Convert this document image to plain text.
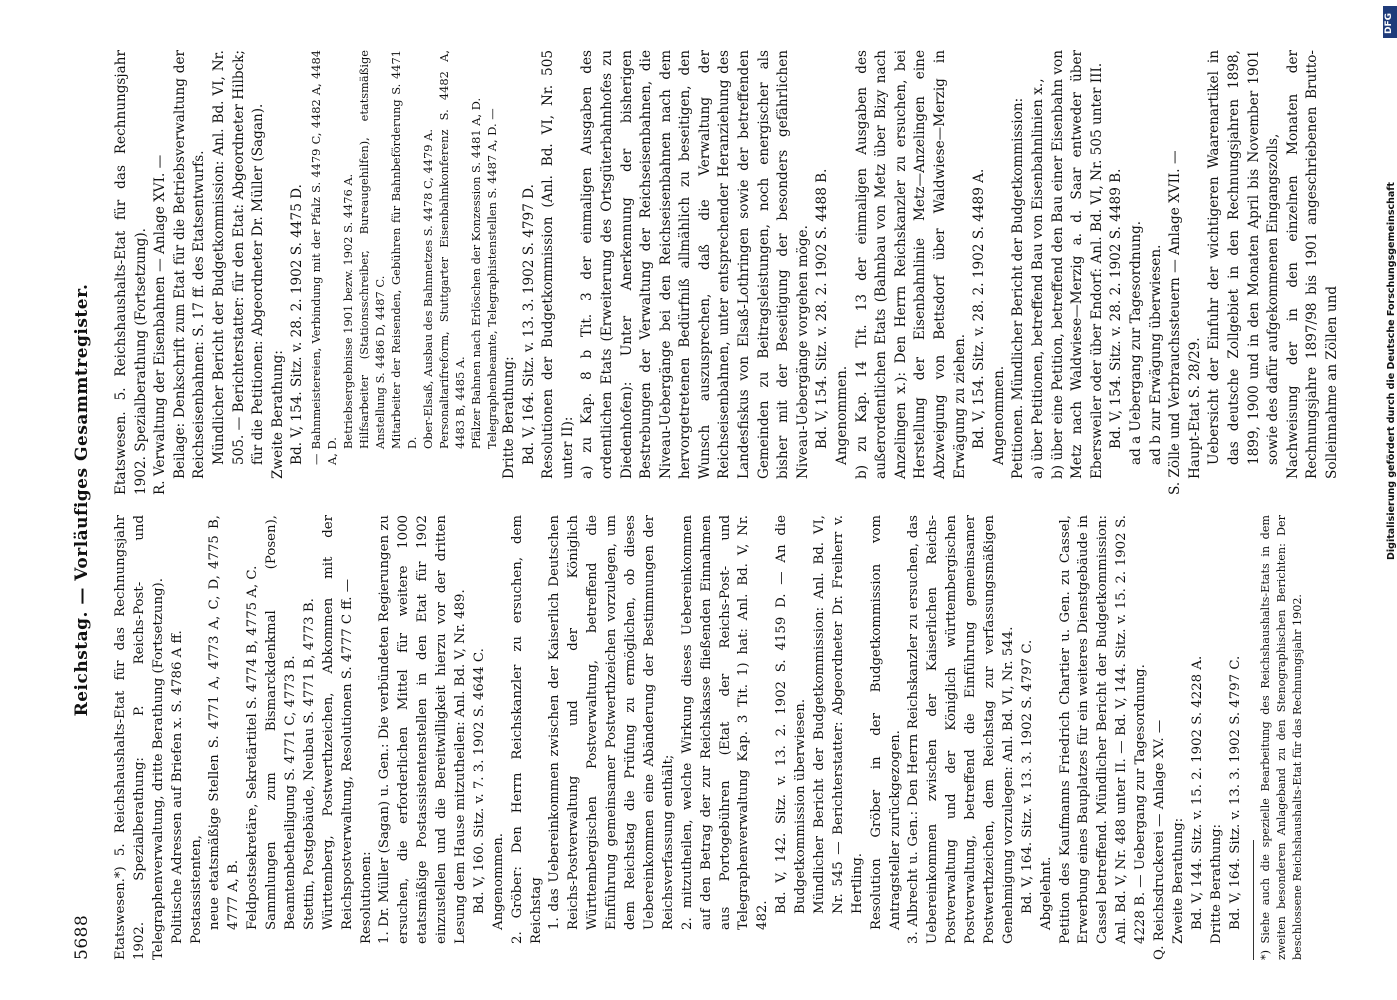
5688
Reichstag. — Vorläufiges Gesammtregister.

Etatswesen.*) 5. Reichshaushalts-Etat für das Rechnungsjahr 1902. Spezialberathung: P. Reichs-Post- und Telegraphenverwaltung, dritte Berathung (Fortsetzung). Politische Adressen auf Briefen x. S. 4786 A ff. Postassistenten, neue etatsmäßige Stellen S. 4771 A, 4773 A, C, D, 4775 B, 4777 A, B. Feldpostsekretäre, Sekretärtitel S. 4774 B, 4775 A, C. Sammlungen zum Bismarckdenkmal (Posen), Beamtenbetheiligung S. 4771 C, 4773 B. Stettin, Postgebäude, Neubau S. 4771 B, 4773 B. Württemberg, Postwerthzeichen, Abkommen mit der Reichspostverwaltung, Resolutionen S. 4777 C ff. — Resolutionen: 1. Dr. Müller (Sagan) u. Gen.: Die verbündeten Regierungen zu ersuchen, die erforderlichen Mittel für weitere 1000 etatsmäßige Postassistentenstellen in den Etat für 1902 einzustellen und die Bereitwilligkeit hierzu vor der dritten Lesung dem Hause mitzutheilen: Anl. Bd. V, Nr. 489. Bd. V, 160. Sitz. v. 7. 3. 1902 S. 4644 C. Angenommen. 2. Gröber: Den Herrn Reichskanzler zu ersuchen, dem Reichstag 1. das Uebereinkommen zwischen der Kaiserlich Deutschen Reichs-Postverwaltung und der Königlich Württembergischen Postverwaltung, betreffend die Einführung gemeinsamer Postwerthzeichen vorzulegen, um dem Reichstag die Prüfung zu ermöglichen, ob dieses Uebereinkommen eine Abänderung der Bestimmungen der Reichsverfassung enthält; 2. mitzutheilen, welche Wirkung dieses Uebereinkommen auf den Betrag der zur Reichskasse fließenden Einnahmen aus Portogebühren (Etat der Reichs-Post- und Telegraphenverwaltung Kap. 3 Tit. 1) hat: Anl. Bd. V, Nr. 482.

Bd. V, 142. Sitz. v. 13. 2. 1902 S. 4159 D. — An die Budgetkommission überwiesen. Mündlicher Bericht der Budgetkommission: Anl. Bd. VI, Nr. 545 — Berichterstatter: Abgeordneter Dr. Freiherr v. Hertling. Resolution Gröber in der Budgetkommission vom Antragsteller zurückgezogen. 3. Albrecht u. Gen.: Den Herrn Reichskanzler zu ersuchen, das Uebereinkommen zwischen der Kaiserlichen Reichs-Postverwaltung und der Königlich württembergischen Postverwaltung, betreffend die Einführung gemeinsamer Postwerthzeichen, dem Reichstag zur verfassungsmäßigen Genehmigung vorzulegen: Anl. Bd. VI, Nr. 544. Bd. V, 164. Sitz. v. 13. 3. 1902 S. 4797 C. Abgelehnt. Petition des Kaufmanns Friedrich Chartier u. Gen. zu Cassel, Erwerbung eines Bauplatzes für ein weiteres Dienstgebäude in Cassel betreffend. Mündlicher Bericht der Budgetkommission: Anl. Bd. V, Nr. 488 unter II. — Bd. V, 144. Sitz. v. 15. 2. 1902 S. 4228 B. — Uebergang zur Tagesordnung. Q. Reichsdruckerei — Anlage XV. — Zweite Berathung: Bd. V, 144. Sitz. v. 15. 2. 1902 S. 4228 A. Dritte Berathung: Bd. V, 164. Sitz. v. 13. 3. 1902 S. 4797 C. *) Siehe auch die spezielle Bearbeitung des Reichshaushalts-Etats in dem zweiten besonderen Anlageband zu den Stenographischen Berichten: Der beschlossene Reichshaushalts-Etat für das Rechnungsjahr 1902.

Etatswesen. 5. Reichshaushalts-Etat für das Rechnungsjahr 1902. Spezialberathung (Fortsetzung). R. Verwaltung der Eisenbahnen — Anlage XVI. — Beilage: Denkschrift zum Etat für die Betriebsverwaltung der Reichseisenbahnen: S. 17 ff. des Etatsentwurfs. Mündlicher Bericht der Budgetkommission: Anl. Bd. VI, Nr. 505. — Berichterstatter: für den Etat: Abgeordneter Hilbck; für die Petitionen: Abgeordneter Dr. Müller (Sagan). Zweite Berathung: Bd. V, 154. Sitz. v. 28. 2. 1902 S. 4475 D. — Bahnmeistereien, Verbindung mit der Pfalz S. 4479 C, 4482 A, 4484 A, D.

Betriebsergebnisse 1901 bezw. 1902 S. 4476 A. Hilfsarbeiter (Stationsschreiber, Bureaugehilfen), etatsmäßige Anstellung S. 4486 D, 4487 C. Mitarbeiter der Reisenden, Gebühren für Bahnbeförderung S. 4471 D. Ober-Elsaß, Ausbau des Bahnnetzes S. 4478 C, 4479 A. Personaltarifreform, Stuttgarter Eisenbahnkonferenz S. 4482 A, 4483 B, 4485 A. Pfälzer Bahnen nach Erlöschen der Konzession S. 4481 A, D. Telegraphenbeamte, Telegraphistenstellen S. 4487 A, D. — Dritte Berathung: Bd. V, 164. Sitz. v. 13. 3. 1902 S. 4797 D. Resolutionen der Budgetkommission (Anl. Bd. VI, Nr. 505 unter II): a) zu Kap. 8 b Tit. 3 der einmaligen Ausgaben des ordentlichen Etats (Erweiterung des Ortsgüterbahnhofes zu Diedenhofen): Unter Anerkennung der bisherigen Bestrebungen der Verwaltung der Reichseisenbahnen, die Niveau-Uebergänge bei den Reichseisenbahnen nach dem hervorgetretenen Bedürfniß allmählich zu beseitigen, den Wunsch auszusprechen, daß die Verwaltung der Reichseisenbahnen, unter entsprechender Heranziehung des Landesfiskus von Elsaß-Lothringen sowie der betreffenden Gemeinden zu Beitragsleistungen, noch energischer als bisher mit der Beseitigung der besonders gefährlichen Niveau-Uebergänge vorgehen möge. Bd. V, 154. Sitz. v. 28. 2. 1902 S. 4488 B. Angenommen. b) zu Kap. 14 Tit. 13 der einmaligen Ausgaben des außerordentlichen Etats (Bahnbau von Metz über Bizy nach Anzelingen x.): Den Herrn Reichskanzler zu ersuchen, bei Herstellung der Eisenbahnlinie Metz—Anzelingen eine Abzweigung von Bettsdorf über Waldwiese—Merzig in Erwägung zu ziehen. Bd. V, 154. Sitz. v. 28. 2. 1902 S. 4489 A. Angenommen. Petitionen. Mündlicher Bericht der Budgetkommission: a) über Petitionen, betreffend Bau von Eisenbahnlinien x., b) über eine Petition, betreffend den Bau einer Eisenbahn von Metz nach Waldwiese—Merzig a. d. Saar entweder über Ebersweiler oder über Endorf: Anl. Bd. VI, Nr. 505 unter III. Bd. V, 154. Sitz. v. 28. 2. 1902 S. 4489 B. ad a Uebergang zur Tagesordnung. ad b zur Erwägung überwiesen. S. Zölle und Verbrauchssteuern — Anlage XVII. — Haupt-Etat S. 28/29. Uebersicht der Einfuhr der wichtigeren Waarenartikel in das deutsche Zollgebiet in den Rechnungsjahren 1898, 1899, 1900 und in den Monaten April bis November 1901 sowie des dafür aufgekommenen Eingangszolls, Nachweisung der in den einzelnen Monaten der Rechnungsjahre 1897/98 bis 1901 angeschriebenen Brutto-Solleinnahme an Zöllen und	Digitalisierung gefördert durch die Deutsche Forschungsgemeinschaft
DFG
